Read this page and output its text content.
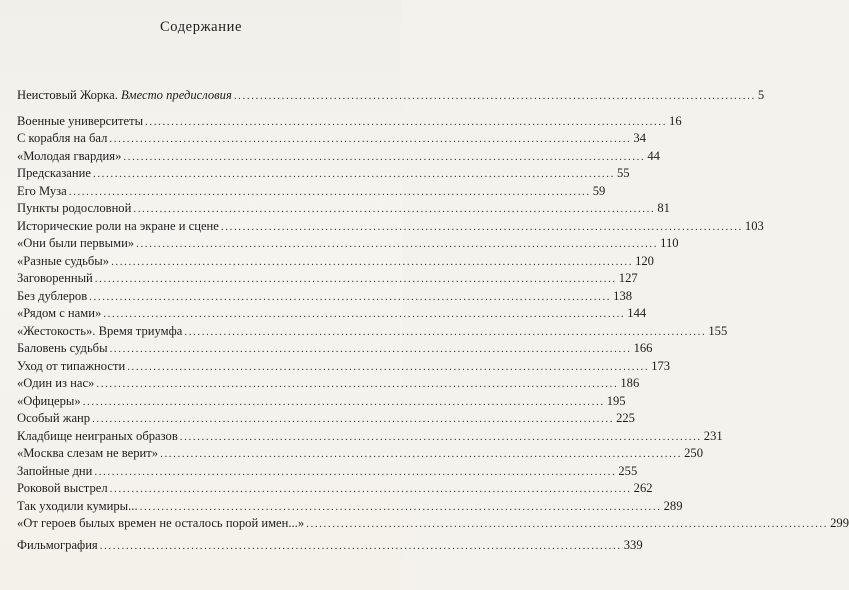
Содержание
Неистовый Жорка. Вместо предисловия ........................................................................................................................ 5
Военные университеты ........................................................................................................................ 16
С корабля на бал ........................................................................................................................ 34
«Молодая гвардия» ........................................................................................................................ 44
Предсказание ........................................................................................................................ 55
Его Муза ........................................................................................................................ 59
Пункты родословной ........................................................................................................................ 81
Исторические роли на экране и сцене ........................................................................................................................ 103
«Они были первыми» ........................................................................................................................ 110
«Разные судьбы» ........................................................................................................................ 120
Заговоренный ........................................................................................................................ 127
Без дублеров ........................................................................................................................ 138
«Рядом с нами» ........................................................................................................................ 144
«Жестокость». Время триумфа ........................................................................................................................ 155
Баловень судьбы ........................................................................................................................ 166
Уход от типажности ........................................................................................................................ 173
«Один из нас» ........................................................................................................................ 186
«Офицеры» ........................................................................................................................ 195
Особый жанр ........................................................................................................................ 225
Кладбище неиграных образов ........................................................................................................................ 231
«Москва слезам не верит» ........................................................................................................................ 250
Запойные дни ........................................................................................................................ 255
Роковой выстрел ........................................................................................................................ 262
Так уходили кумиры... ........................................................................................................................ 289
«От героев былых времен не осталось порой имен...» ........................................................................................................................ 299
Фильмография ........................................................................................................................ 339
